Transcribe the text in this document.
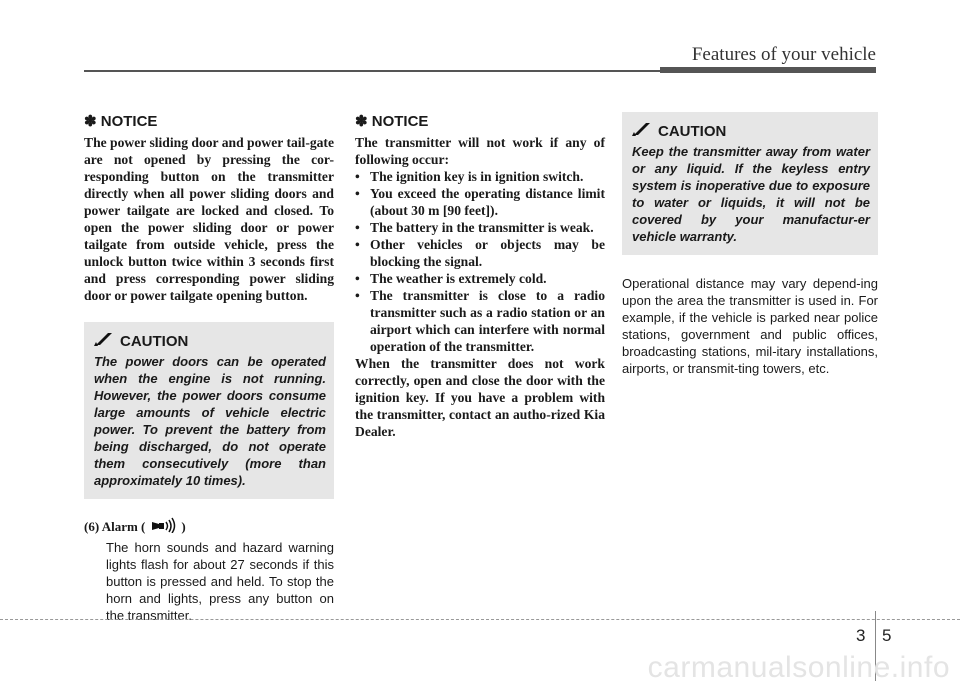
Features of your vehicle
✽ NOTICE

The power sliding door and power tail-gate are not opened by pressing the cor-responding button on the transmitter directly when all power sliding doors and power tailgate are locked and closed. To open the power sliding door or power tailgate from outside vehicle, press the unlock button twice within 3 seconds first and press corresponding power sliding door or power tailgate opening button.

CAUTION

The power doors can be operated when the engine is not running. However, the power doors consume large amounts of vehicle electric power. To prevent the battery from being discharged, do not operate them consecutively (more than approximately 10 times).

(6) Alarm (	)

The horn sounds and hazard warning lights flash for about 27 seconds if this button is pressed and held. To stop the horn and lights, press any button on the transmitter.

✽ NOTICE

The transmitter will not work if any of following occur:

• The ignition key is in ignition switch.
• You exceed the operating distance limit (about 30 m [90 feet]).
• The battery in the transmitter is weak.
• Other vehicles or objects may be blocking the signal.
• The weather is extremely cold.
• The transmitter is close to a radio transmitter such as a radio station or an airport which can interfere with normal operation of the transmitter.

When the transmitter does not work correctly, open and close the door with the ignition key. If you have a problem with the transmitter, contact an autho-rized Kia Dealer.

CAUTION

Keep the transmitter away from water or any liquid. If the keyless entry system is inoperative due to exposure to water or liquids, it will not be covered by your manufactur-er vehicle warranty.

Operational distance may vary depend-ing upon the area the transmitter is used in. For example, if the vehicle is parked near police stations, government and public offices, broadcasting stations, mil-itary installations, airports, or transmit-ting towers, etc.

3 5
carmanualsonline.info
